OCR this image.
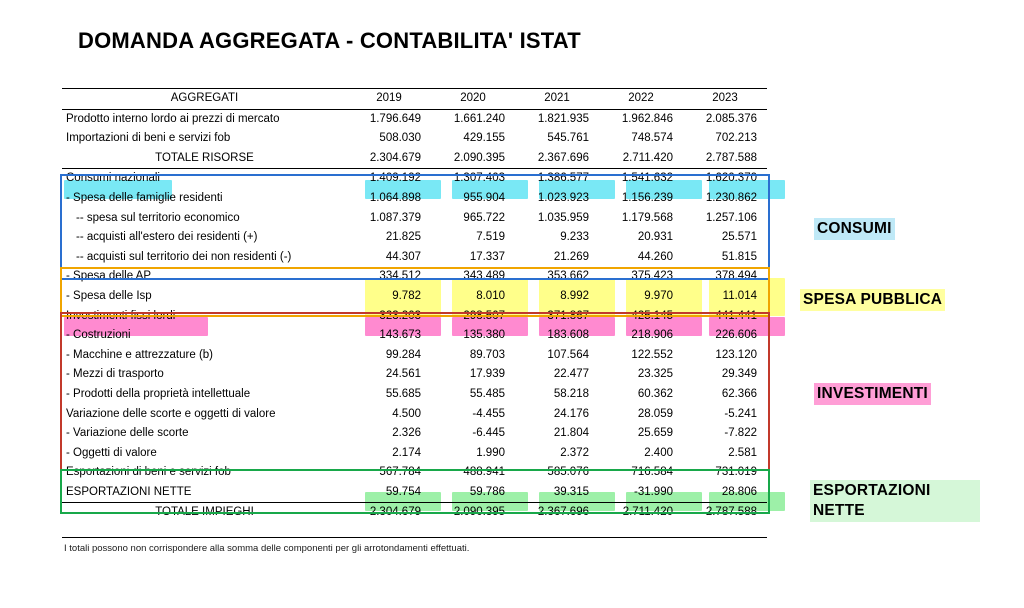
DOMANDA AGGREGATA - CONTABILITA' ISTAT
AGGREGATI	2019	2020	2021	2022	2023
Prodotto interno lordo ai prezzi di mercato	1.796.649	1.661.240	1.821.935	1.962.846	2.085.376
Importazioni di beni e servizi fob	508.030	429.155	545.761	748.574	702.213
TOTALE RISORSE	2.304.679	2.090.395	2.367.696	2.711.420	2.787.588
Consumi nazionali	1.409.192	1.307.403	1.386.577	1.541.632	1.620.370
- Spesa delle famiglie residenti	1.064.898	955.904	1.023.923	1.156.239	1.230.862
-- spesa sul territorio economico	1.087.379	965.722	1.035.959	1.179.568	1.257.106
-- acquisti all'estero dei residenti (+)	21.825	7.519	9.233	20.931	25.571
-- acquisti sul territorio dei non residenti (-)	44.307	17.337	21.269	44.260	51.815
- Spesa delle AP	334.512	343.489	353.662	375.423	378.494
- Spesa delle Isp	9.782	8.010	8.992	9.970	11.014
Investimenti fissi lordi	323.203	298.507	371.867	425.145	441.441
- Costruzioni	143.673	135.380	183.608	218.906	226.606
- Macchine e attrezzature (b)	99.284	89.703	107.564	122.552	123.120
- Mezzi di trasporto	24.561	17.939	22.477	23.325	29.349
- Prodotti della proprietà intellettuale	55.685	55.485	58.218	60.362	62.366
Variazione delle scorte e oggetti di valore	4.500	-4.455	24.176	28.059	-5.241
- Variazione delle scorte	2.326	-6.445	21.804	25.659	-7.822
- Oggetti di valore	2.174	1.990	2.372	2.400	2.581
Esportazioni di beni e servizi fob	567.784	488.941	585.076	716.584	731.019
ESPORTAZIONI NETTE	59.754	59.786	39.315	-31.990	28.806
TOTALE IMPIEGHI	2.304.679	2.090.395	2.367.696	2.711.420	2.787.588
CONSUMI
SPESA PUBBLICA
INVESTIMENTI
ESPORTAZIONI NETTE
I totali possono non corrispondere alla somma delle componenti per gli arrotondamenti effettuati.
